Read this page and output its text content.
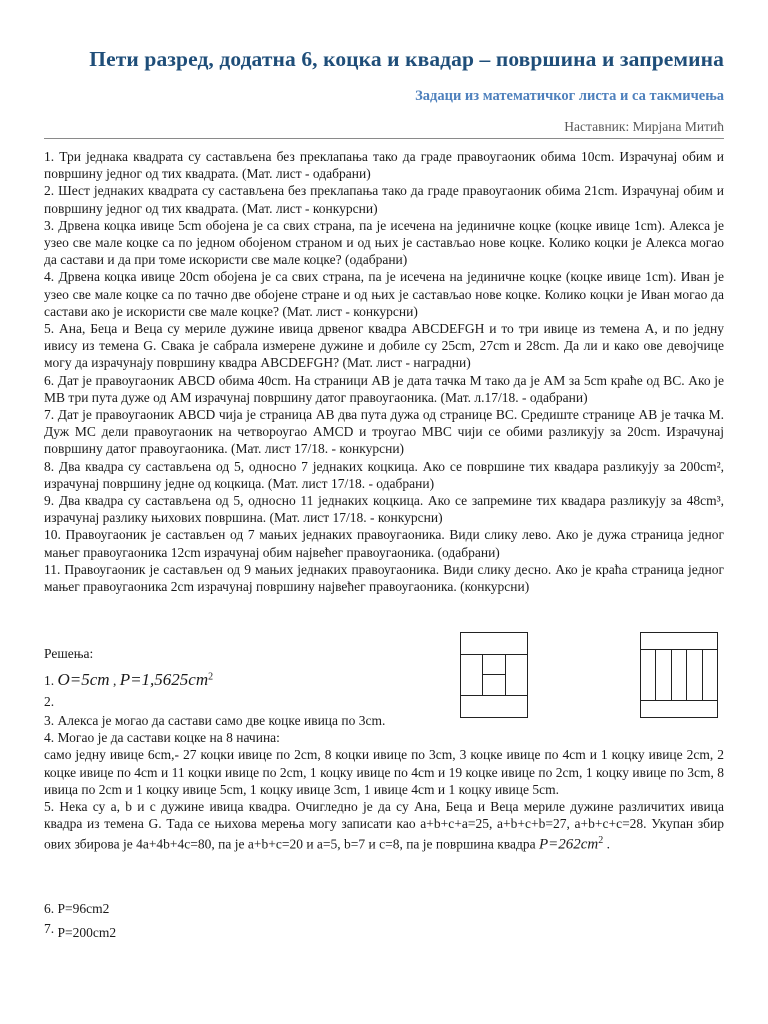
Пети разред, додатна 6, коцка и квадар – површина и запремина
Задаци из математичког листа и са такмичења
Наставник: Мирјана Митић

1. Три једнака квадрата су састављена без преклапања тако да граде правоугаоник обима 10cm. Израчунај обим и површину једног од тих квадрата. (Мат. лист - одабрани)

2. Шест једнаких квадрата су састављена без преклапања тако да граде правоугаоник обима 21cm. Израчунај обим и површину једног од тих квадрата. (Мат. лист - конкурсни)

3. Дрвена коцка ивице 5cm обојена је са свих страна, па је исечена на јединичне коцке (коцке ивице 1cm). Алекса је узео све мале коцке са по једном обојеном страном и од њих је састављао нове коцке. Колико коцки је Алекса могао да састави и да при томе искористи све мале коцке? (одабрани)

4. Дрвена коцка ивице 20cm обојена је са свих страна, па је исечена на јединичне коцке (коцке ивице 1cm). Иван је узео све мале коцке са по тачно две обојене стране и од њих је састављао нове коцке. Колико коцки је Иван могао да састави ако је искористи све мале коцке? (Мат. лист - конкурсни)

5. Ана, Беца и Веца су мериле дужине ивица дрвеног квадра ABCDEFGH и то три ивице из темена A, и по једну ивису из темена G. Свака је сабрала измерене дужине и добиле су 25cm, 27cm и 28cm. Да ли и како ове девојчице могу да израчунају површину квадра ABCDEFGH? (Мат. лист - наградни)

6. Дат је правоугаоник ABCD обима 40cm. На страници AB је дата тачка M тако да је AM за 5cm краће од BC. Ако је MB три пута дуже од AM израчунај површину датог правоугаоника. (Мат. л.17/18. - одабрани)

7. Дат је правоугаоник ABCD чија је страница AB два пута дужа од странице BC. Средиште странице AB је тачка M. Дуж MC дели правоугаоник на четвороугао AMCD и троугао MBC чији се обими разликују за 20cm. Израчунај површину датог правоугаоника. (Мат. лист 17/18. - конкурсни)

8. Два квадра су састављена од 5, односно 7 једнаких коцкица. Ако се површине тих квадара разликују за 200cm², израчунај површину једне од коцкица. (Мат. лист 17/18. - одабрани)

9. Два квадра су састављена од 5, односно 11 једнаких коцкица. Ако се запремине тих квадара разликују за 48cm³, израчунај разлику њихових површина. (Мат. лист 17/18. - конкурсни)

10. Правоугаоник је састављен од 7 мањих једнаких правоугаоника. Види слику лево. Ако је дужа страница једног мањег правоугаоника 12cm израчунај обим највећег правоугаоника. (одабрани)

11. Правоугаоник је састављен од 9 мањих једнаких правоугаоника. Види слику десно. Ако је краћа страница једног мањег правоугаоника 2cm израчунај површину највећег правоугаоника. (конкурсни)

Решења:
1. O=5cm , $P=1,5625cm^2$
2.

3. Алекса је могао да састави само две коцке ивица по 3cm.

4. Могао је да састави коцке на 8 начина:

само једну ивице 6cm,- 27 коцки ивице по 2cm, 8 коцки ивице по 3cm, 3 коцке ивице по 4cm и 1 коцку ивице 2cm, 2 коцке ивице по 4cm и 11 коцки ивице по 2cm, 1 коцку ивице по 4cm и 19 коцке ивице по 2cm, 1 коцку ивице по 3cm, 8 ивица по 2cm и 1 коцку ивице 5cm, 1 коцку ивице 3cm, 1 ивице 4cm и 1 коцку ивице 5cm.

5. Нека су a, b и c дужине ивица квадра. Очигледно је да су Ана, Беца и Веца мериле дужине различитих ивица квадра из темена G. Тада се њихова мерења могу записати као a+b+c+a=25, a+b+c+b=27, a+b+c+c=28. Укупан збир ових збирова је 4a+4b+4c=80, па је a+b+c=20 и a=5, b=7 и c=8, па је површина квадра $P=262cm^2$ .

6. P=96cm2
7. P=200cm2
